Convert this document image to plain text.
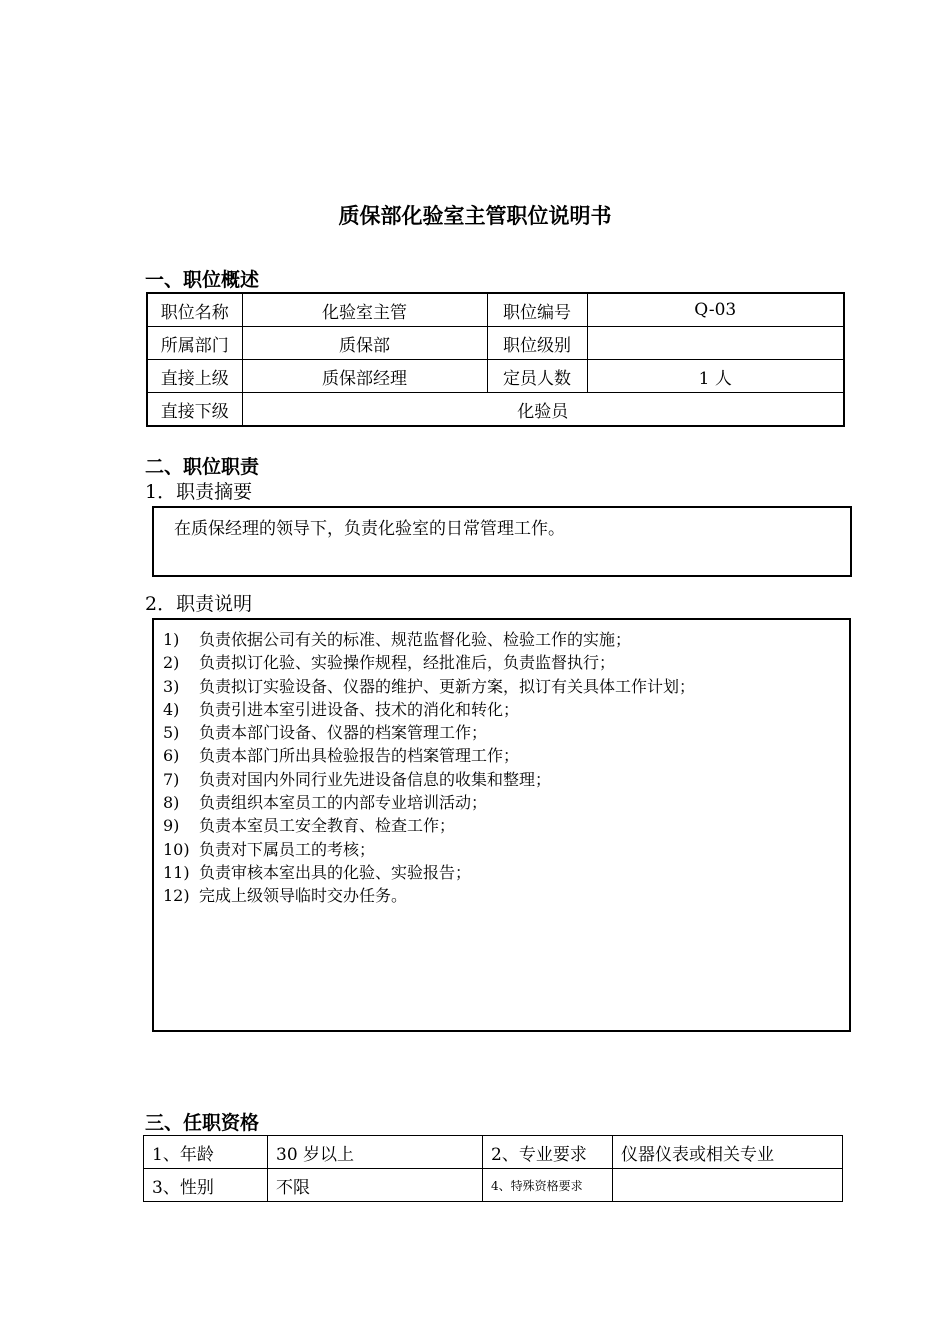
质保部化验室主管职位说明书
一、职位概述
职位名称	化验室主管	职位编号	Q-03
所属部门	质保部	职位级别	
直接上级	质保部经理	定员人数	1 人
直接下级	化验员		
二、职位职责
1．职责摘要
在质保经理的领导下，负责化验室的日常管理工作。
2．职责说明
1)	负责依据公司有关的标准、规范监督化验、检验工作的实施；
2)	负责拟订化验、实验操作规程，经批准后，负责监督执行；
3)	负责拟订实验设备、仪器的维护、更新方案，拟订有关具体工作计划；
4)	负责引进本室引进设备、技术的消化和转化；
5)	负责本部门设备、仪器的档案管理工作；
6)	负责本部门所出具检验报告的档案管理工作；
7)	负责对国内外同行业先进设备信息的收集和整理；
8)	负责组织本室员工的内部专业培训活动；
9)	负责本室员工安全教育、检查工作；
10) 负责对下属员工的考核；
11) 负责审核本室出具的化验、实验报告；
12) 完成上级领导临时交办任务。
三、任职资格
1、年龄	30 岁以上	2、专业要求	仪器仪表或相关专业
3、性别	不限	4、特殊资格要求	
